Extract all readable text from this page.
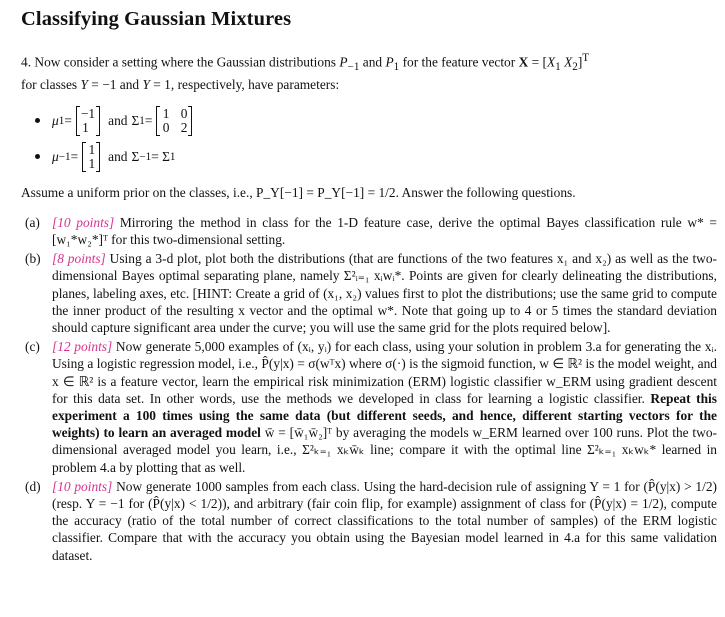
Classifying Gaussian Mixtures

4. Now consider a setting where the Gaussian distributions $P_{-1}$ and $P_1$ for the feature vector $X = [X_1$ $X_2]^T$
for classes Y = −1 and Y = 1, respectively, have parameters:

μ 1 = −1
1 and Σ 1 = 1 0
0 2
μ −1 = 1
1 and Σ −1 = Σ 1

Assume a uniform prior on the classes, i.e., P_Y[−1] = P_Y[−1] = 1/2. Answer the following questions.

(a) [10 points] Mirroring the method in class for the 1-D feature case, derive the optimal Bayes classification rule w* = [w₁*w₂*]ᵀ for this two-dimensional setting.
(b) [8 points] Using a 3-d plot, plot both the distributions (that are functions of the two features x₁ and x₂) as well as the two-dimensional Bayes optimal separating plane, namely Σ²ᵢ₌₁ xᵢwᵢ*. Points are given for clearly delineating the distributions, planes, labeling axes, etc. [HINT: Create a grid of (x₁, x₂) values first to plot the distributions; use the same grid to compute the inner product of the resulting x vector and the optimal w*. Note that going up to 4 or 5 times the standard deviation should capture significant area under the curve; you will use the same grid for the plots required below].
(c) [12 points] Now generate 5,000 examples of (xᵢ, yᵢ) for each class, using your solution in problem 3.a for generating the xᵢ. Using a logistic regression model, i.e., P̂(y|x) = σ(wᵀx) where σ(·) is the sigmoid function, w ∈ ℝ² is the model weight, and x ∈ ℝ² is a feature vector, learn the empirical risk minimization (ERM) logistic classifier w_ERM using gradient descent for this data set. In other words, use the methods we developed in class for learning a logistic classifier. Repeat this experiment a 100 times using the same data (but different seeds, and hence, different starting vectors for the weights) to learn an averaged model w̄ = [w̄₁w̄₂]ᵀ by averaging the models w_ERM learned over 100 runs. Plot the two-dimensional averaged model you learn, i.e., Σ²ₖ₌₁ xₖw̄ₖ line; compare it with the optimal line Σ²ₖ₌₁ xₖwₖ* learned in problem 4.a by plotting that as well.
(d) [10 points] Now generate 1000 samples from each class. Using the hard-decision rule of assigning Y = 1 for (P̂(y|x) > 1/2) (resp. Y = −1 for (P̂(y|x) < 1/2)), and arbitrary (fair coin flip, for example) assignment of class for (P̂(y|x) = 1/2), compute the accuracy (ratio of the total number of correct classifications to the total number of samples) of the ERM logistic classifier. Compare that with the accuracy you obtain using the Bayesian model learned in 4.a for this same validation dataset.
